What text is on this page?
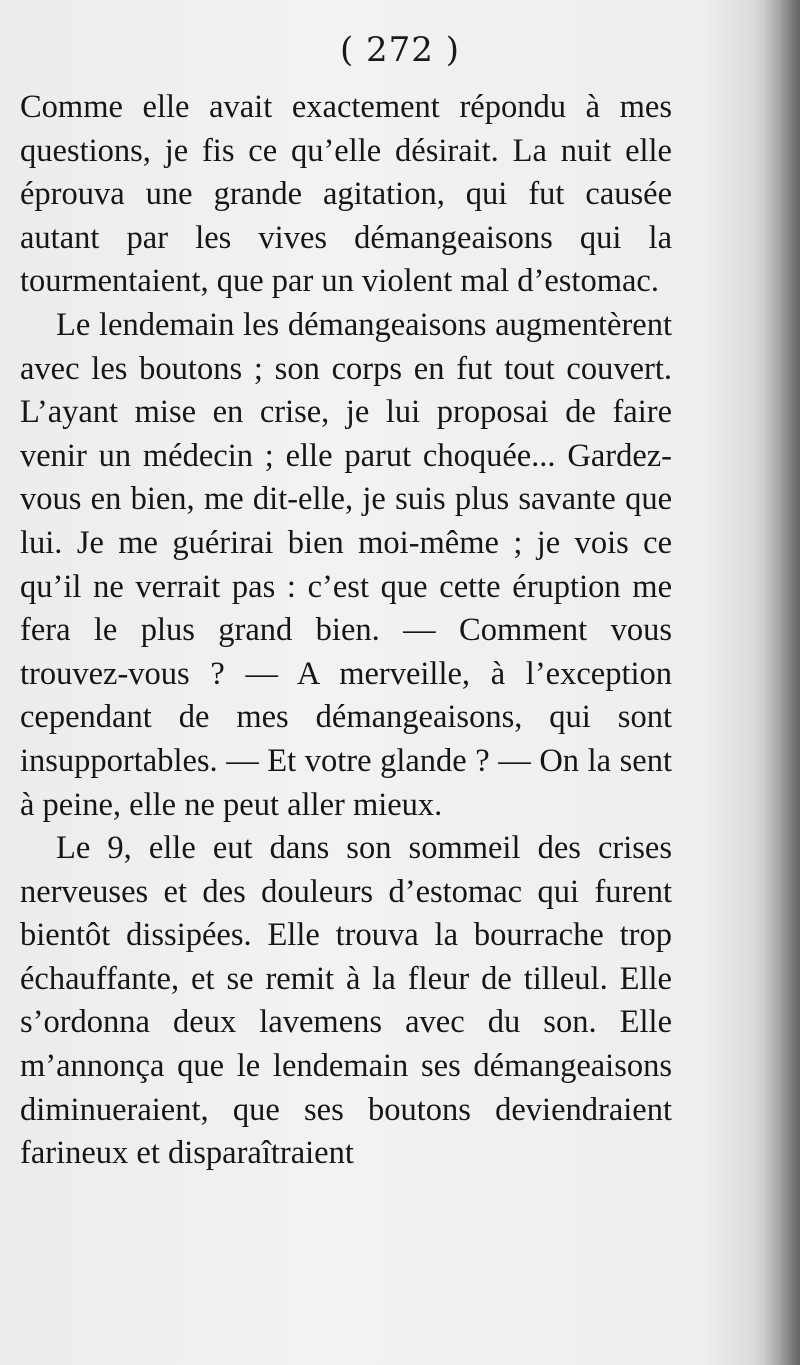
( 272 )

Comme elle avait exactement répondu à mes questions, je fis ce qu’elle désirait. La nuit elle éprouva une grande agitation, qui fut causée autant par les vives démangeaisons qui la tourmentaient, que par un violent mal d’estomac.

Le lendemain les démangeaisons augmentèrent avec les boutons ; son corps en fut tout couvert. L’ayant mise en crise, je lui proposai de faire venir un médecin ; elle parut choquée... Gardez-vous en bien, me dit-elle, je suis plus savante que lui. Je me guérirai bien moi-même ; je vois ce qu’il ne verrait pas : c’est que cette éruption me fera le plus grand bien. — Comment vous trouvez-vous ? — A merveille, à l’exception cependant de mes démangeaisons, qui sont insupportables. — Et votre glande ? — On la sent à peine, elle ne peut aller mieux.

Le 9, elle eut dans son sommeil des crises nerveuses et des douleurs d’estomac qui furent bientôt dissipées. Elle trouva la bourrache trop échauffante, et se remit à la fleur de tilleul. Elle s’ordonna deux lavemens avec du son. Elle m’annonça que le lendemain ses démangeaisons diminueraient, que ses boutons deviendraient farineux et disparaîtraient
